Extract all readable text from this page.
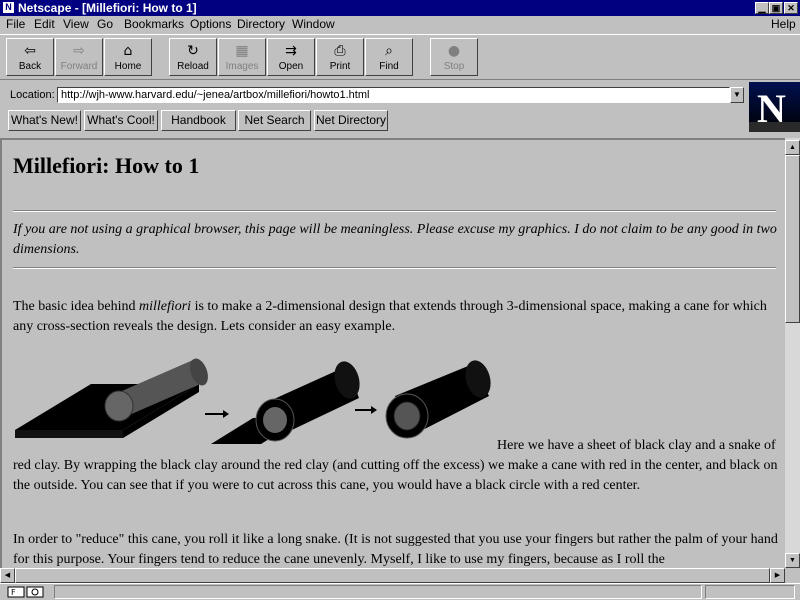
N Netscape - [Millefiori: How to 1]	▁ ▣ ✕
File Edit View Go Bookmarks Options Directory Window	Help
⇦
Back
⇨
Forward
⌂
Home
↻
Reload
▦
Images
⇉
Open
⎙
Print
⌕
Find
●
Stop
Location: http://wjh-www.harvard.edu/~jenea/artbox/millefiori/howto1.html	▼
What's New! What's Cool!	Handbook	Net Search Net Directory	N
Millefiori: How to 1

If you are not using a graphical browser, this page will be meaningless. Please excuse my graphics. I do not claim to be any good in two dimensions.

The basic idea behind millefiori is to make a 2-dimensional design that extends through 3-dimensional space, making a cane for which any cross-section reveals the design. Lets consider an easy example.

Here we have a sheet of black clay and a snake of red clay. By wrapping the black clay around the red clay (and cutting off the excess) we make a cane with red in the center, and black on the outside. You can see that if you were to cut across this cane, you would have a black circle with a red center.

In order to "reduce" this cane, you roll it like a long snake. (It is not suggested that you use your fingers but rather the palm of your hand for this purpose. Your fingers tend to reduce the cane unevenly. Myself, I like to use my fingers, because as I roll the

▲
▼
◀	▶
F
